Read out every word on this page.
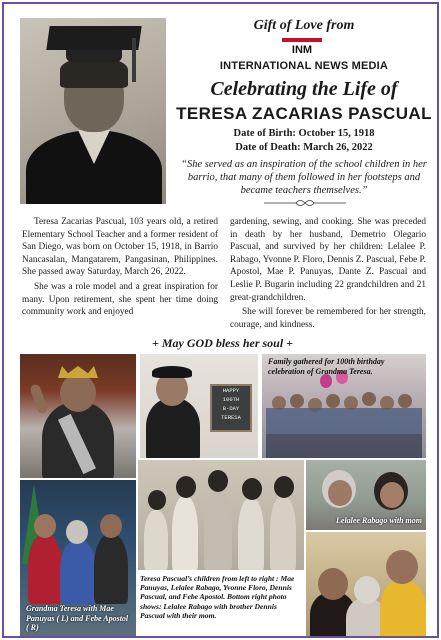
Gift of Love from
INM
INTERNATIONAL NEWS MEDIA
Celebrating the Life of
TERESA ZACARIAS PASCUAL
Date of Birth: October 15, 1918
Date of Death: March 26, 2022
“She served as an inspiration of the school children in her barrio, that many of them followed in her footsteps and became teachers themselves.”

Teresa Zacarias Pascual, 103 years old, a retired Elementary School Teacher and a former resident of San Diego, was born on October 15, 1918, in Barrio Nancasalan, Mangatarem, Pangasinan, Philippines. She passed away Saturday, March 26, 2022.

She was a role model and a great inspiration for many. Upon retirement, she spent her time doing community work and enjoyed

gardening, sewing, and cooking. She was preceded in death by her husband, Demetrio Olegario Pascual, and survived by her children: Lelalee P. Rabago, Yvonne P. Floro, Dennis Z. Pascual, Febe P. Apostol, Mae P. Panuyas, Dante Z. Pascual and Leslie P. Bugarin including 22 grandchildren and 21 great-grandchildren.

She will forever be remembered for her strength, courage, and kindness.

+ May GOD bless her soul +
HAPPY
100TH
B-DAY
TERESA
Family gathered for 100th birthday celebration of Grandma Teresa.
Grandma Teresa with Mae Panuyas ( L) and Febe Apostol ( R)
Teresa Pascual’s children from left to right : Mae Panuyas, Lelalee Rabago, Yvonne Floro, Dennis Pascual, and Febe Apostol. Bottom right photo shows: Lelalee Rabago with brother Dennis Pascual with their mom.
Lelalee Rabago with mom
